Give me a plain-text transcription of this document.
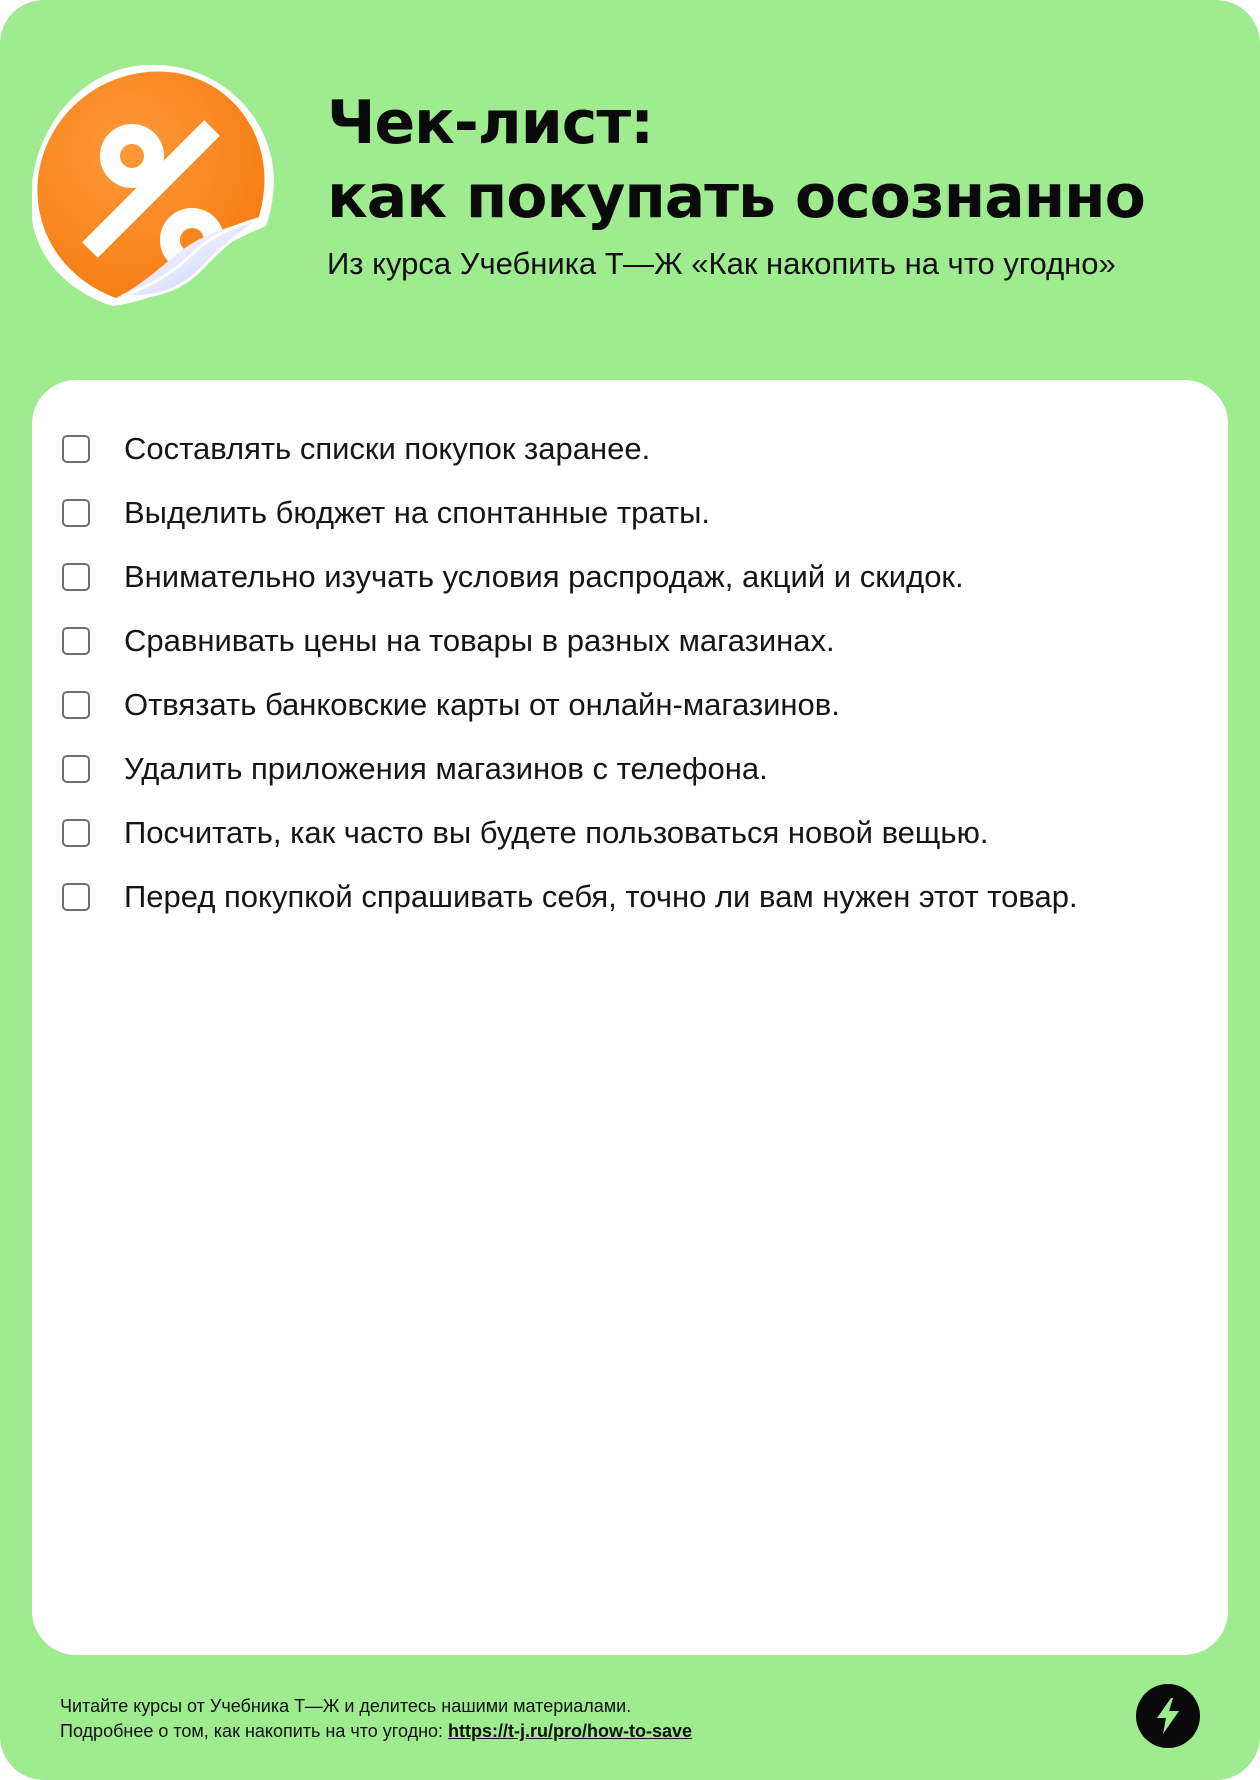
Чек-лист:
как покупать осознанно

Из курса Учебника Т—Ж «Как накопить на что угодно»

Составлять списки покупок заранее.
Выделить бюджет на спонтанные траты.
Внимательно изучать условия распродаж, акций и скидок.
Сравнивать цены на товары в разных магазинах.
Отвязать банковские карты от онлайн-магазинов.
Удалить приложения магазинов с телефона.
Посчитать, как часто вы будете пользоваться новой вещью.
Перед покупкой спрашивать себя, точно ли вам нужен этот товар.
Читайте курсы от Учебника Т—Ж и делитесь нашими материалами.
Подробнее о том, как накопить на что угодно: https://t-j.ru/pro/how-to-save
